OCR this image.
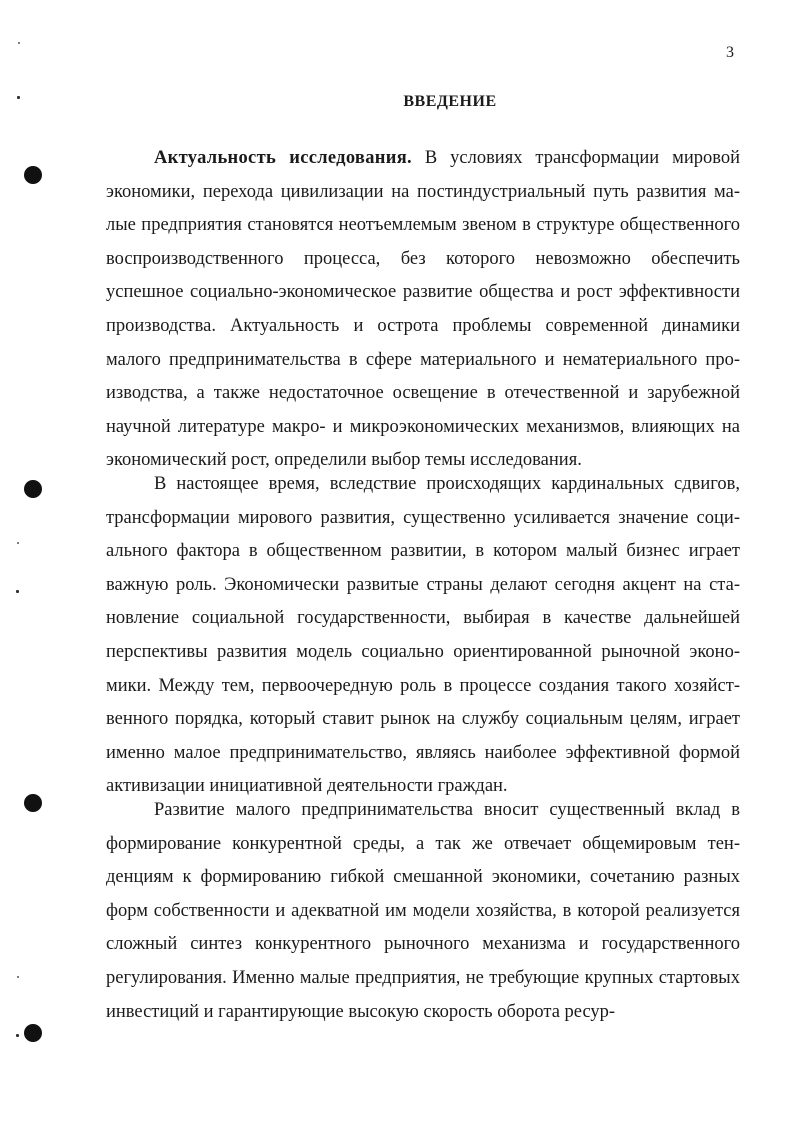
3
ВВЕДЕНИЕ

Актуальность исследования. В условиях трансформации мировой экономики, перехода цивилизации на постиндустриальный путь развития малые предприятия становятся неотъемлемым звеном в структуре общественного воспроизводственного процесса, без которого невозможно обеспечить успешное социально-экономическое развитие общества и рост эффективности производства. Актуальность и острота проблемы современной динамики малого предпринимательства в сфере материального и нематериального производства, а также недостаточное освещение в отечественной и зарубежной научной литературе макро- и микроэкономических механизмов, влияющих на экономический рост, определили выбор темы исследования.

В настоящее время, вследствие происходящих кардинальных сдвигов, трансформации мирового развития, существенно усиливается значение социального фактора в общественном развитии, в котором малый бизнес играет важную роль. Экономически развитые страны делают сегодня акцент на становление социальной государственности, выбирая в качестве дальнейшей перспективы развития модель социально ориентированной рыночной экономики. Между тем, первоочередную роль в процессе создания такого хозяйственного порядка, который ставит рынок на службу социальным целям, играет именно малое предпринимательство, являясь наиболее эффективной формой активизации инициативной деятельности граждан.

Развитие малого предпринимательства вносит существенный вклад в формирование конкурентной среды, а так же отвечает общемировым тенденциям к формированию гибкой смешанной экономики, сочетанию разных форм собственности и адекватной им модели хозяйства, в которой реализуется сложный синтез конкурентного рыночного механизма и государственного регулирования. Именно малые предприятия, не требующие крупных стартовых инвестиций и гарантирующие высокую скорость оборота ресур-
